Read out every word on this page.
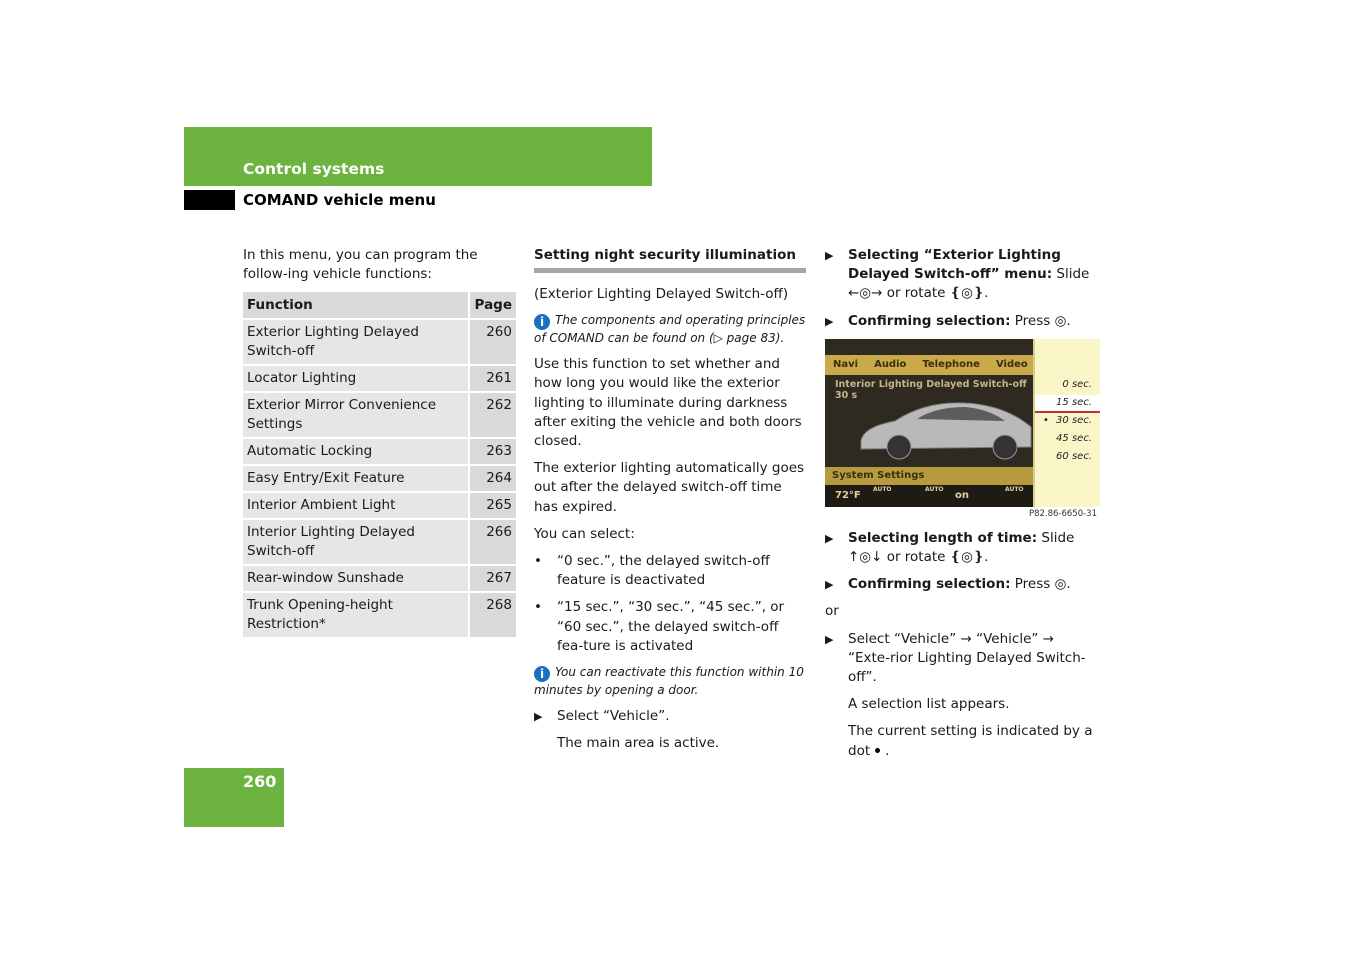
Control systems
COMAND vehicle menu

In this menu, you can program the follow-ing vehicle functions:

Function	Page
Exterior Lighting Delayed Switch-off	260
Locator Lighting	261
Exterior Mirror Convenience Settings	262
Automatic Locking	263
Easy Entry/Exit Feature	264
Interior Ambient Light	265
Interior Lighting Delayed Switch-off	266
Rear-window Sunshade	267
Trunk Opening-height Restriction*	268
Setting night security illumination

(Exterior Lighting Delayed Switch-off)

i The components and operating principles of COMAND can be found on (▷ page 83).

Use this function to set whether and how long you would like the exterior lighting to illuminate during darkness after exiting the vehicle and both doors closed.

The exterior lighting automatically goes out after the delayed switch-off time has expired.

You can select:

•	“0 sec.”, the delayed switch-off feature is deactivated
•	“15 sec.”, “30 sec.”, “45 sec.”, or “60 sec.”, the delayed switch-off fea-ture is activated

i You can reactivate this function within 10 minutes by opening a door.

▶	Select “Vehicle”.

The main area is active.

▶	Selecting “Exterior Lighting Delayed Switch-off” menu: Slide ←◎→ or rotate ❴◎❵.
▶	Confirming selection: Press ◎.
Navi Audio Telephone Video
Interior Lighting Delayed Switch-off 30 s
System Settings
72°F
AUTO	AUTO
on
AUTO
0 sec.
15 sec.
• 30 sec.
45 sec.
60 sec.
P82.86-6650-31
▶	Selecting length of time: Slide ↑◎↓ or rotate ❴◎❵.
▶	Confirming selection: Press ◎.

or

▶	Select “Vehicle” → “Vehicle” → “Exte-rior Lighting Delayed Switch-off”.

A selection list appears.

The current setting is indicated by a dot .

260
